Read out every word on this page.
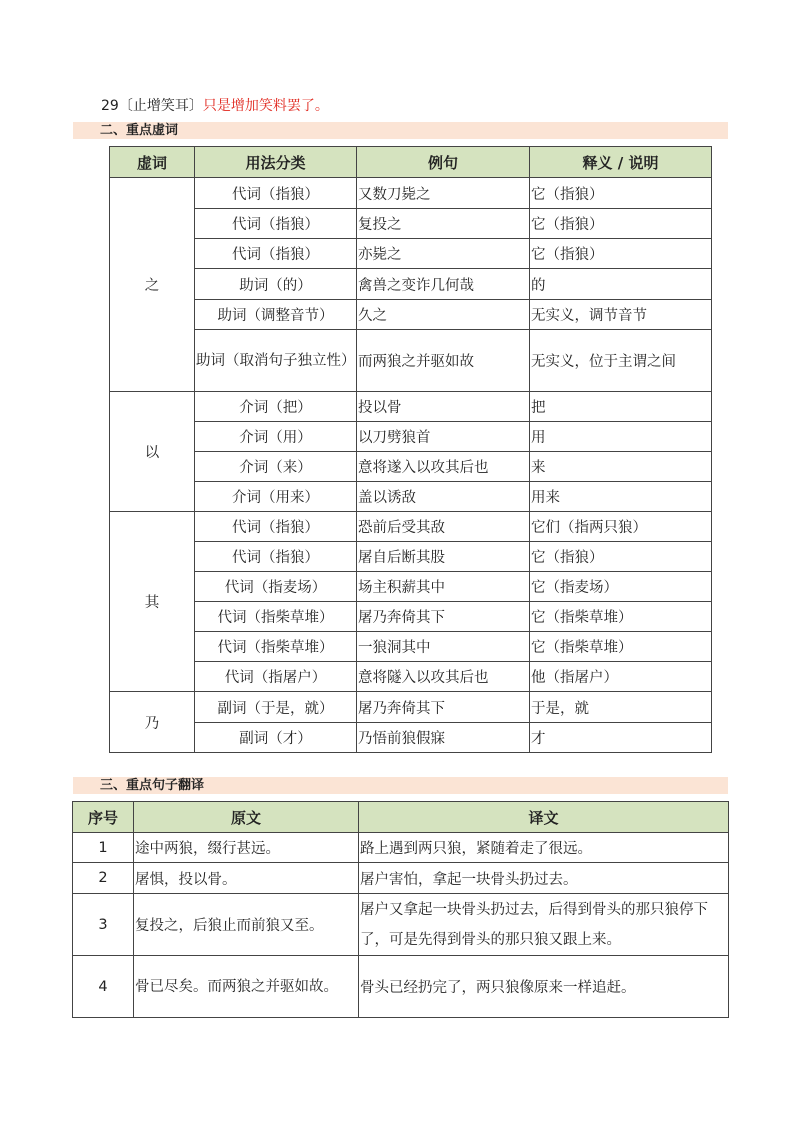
29〔止增笑耳〕只是增加笑料罢了。
二、重点虚词
虚词	用法分类	例句	释义 / 说明
之	代词（指狼）	又数刀毙之	它（指狼）
	代词（指狼）	复投之	它（指狼）
	代词（指狼）	亦毙之	它（指狼）
	助词（的）	禽兽之变诈几何哉	的
	助词（调整音节）	久之	无实义，调节音节
	助词（取消句子独立性）	而两狼之并驱如故	无实义，位于主谓之间
以	介词（把）	投以骨	把
	介词（用）	以刀劈狼首	用
	介词（来）	意将遂入以攻其后也	来
	介词（用来）	盖以诱敌	用来
其	代词（指狼）	恐前后受其敌	它们（指两只狼）
	代词（指狼）	屠自后断其股	它（指狼）
	代词（指麦场）	场主积薪其中	它（指麦场）
	代词（指柴草堆）	屠乃奔倚其下	它（指柴草堆）
	代词（指柴草堆）	一狼洞其中	它（指柴草堆）
	代词（指屠户）	意将隧入以攻其后也	他（指屠户）
乃	副词（于是，就）	屠乃奔倚其下	于是，就
	副词（才）	乃悟前狼假寐	才
三、重点句子翻译
序号	原文	译文
1	途中两狼，缀行甚远。	路上遇到两只狼，紧随着走了很远。
2	屠惧，投以骨。	屠户害怕，拿起一块骨头扔过去。
3	复投之，后狼止而前狼又至。	屠户又拿起一块骨头扔过去，后得到骨头的那只狼停下了，可是先得到骨头的那只狼又跟上来。
4	骨已尽矣。而两狼之并驱如故。	骨头已经扔完了，两只狼像原来一样追赶。
